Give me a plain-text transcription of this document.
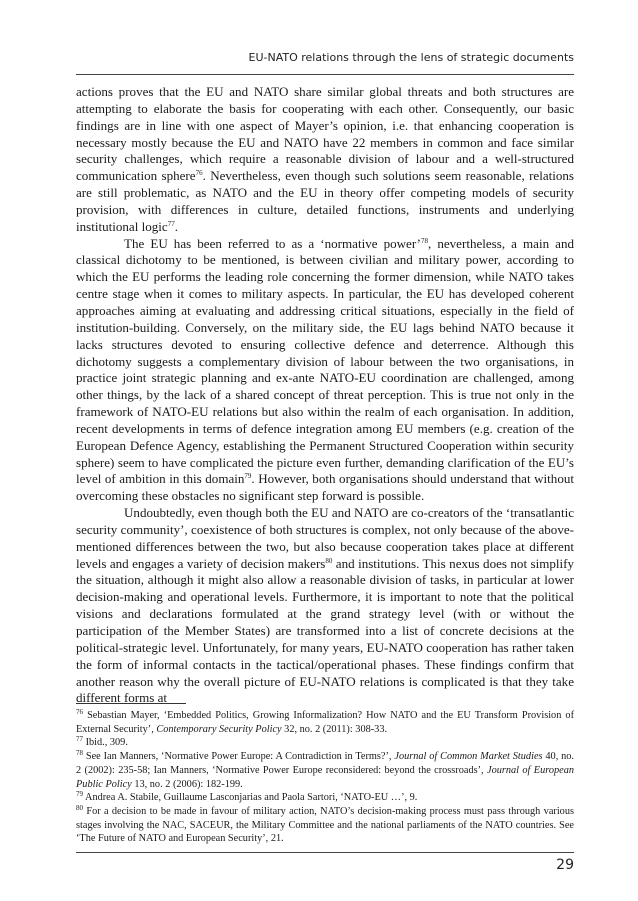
EU-NATO relations through the lens of strategic documents

actions proves that the EU and NATO share similar global threats and both structures are attempting to elaborate the basis for cooperating with each other. Consequently, our basic findings are in line with one aspect of Mayer’s opinion, i.e. that enhancing cooperation is necessary mostly because the EU and NATO have 22 members in common and face similar security challenges, which require a reasonable division of labour and a well-structured communication sphere$^{76}$. Nevertheless, even though such solutions seem reasonable, relations are still problematic, as NATO and the EU in theory offer competing models of security provision, with differences in culture, detailed functions, instruments and underlying institutional logic$^{77}$.

The EU has been referred to as a ‘normative power’$^{78}$, nevertheless, a main and classical dichotomy to be mentioned, is between civilian and military power, according to which the EU performs the leading role concerning the former dimension, while NATO takes centre stage when it comes to military aspects. In particular, the EU has developed coherent approaches aiming at evaluating and addressing critical situations, especially in the field of institution-building. Conversely, on the military side, the EU lags behind NATO because it lacks structures devoted to ensuring collective defence and deterrence. Although this dichotomy suggests a complementary division of labour between the two organisations, in practice joint strategic planning and ex-ante NATO-EU coordination are challenged, among other things, by the lack of a shared concept of threat perception. This is true not only in the framework of NATO-EU relations but also within the realm of each organisation. In addition, recent developments in terms of defence integration among EU members (e.g. creation of the European Defence Agency, establishing the Permanent Structured Cooperation within security sphere) seem to have complicated the picture even further, demanding clarification of the EU’s level of ambition in this domain$^{79}$. However, both organisations should understand that without overcoming these obstacles no significant step forward is possible.

Undoubtedly, even though both the EU and NATO are co-creators of the ‘transatlantic security community’, coexistence of both structures is complex, not only because of the above-mentioned differences between the two, but also because cooperation takes place at different levels and engages a variety of decision makers$^{80}$ and institutions. This nexus does not simplify the situation, although it might also allow a reasonable division of tasks, in particular at lower decision-making and operational levels. Furthermore, it is important to note that the political visions and declarations formulated at the grand strategy level (with or without the participation of the Member States) are transformed into a list of concrete decisions at the political-strategic level. Unfortunately, for many years, EU-NATO cooperation has rather taken the form of informal contacts in the tactical/operational phases. These findings confirm that another reason why the overall picture of EU-NATO relations is complicated is that they take different forms at

$^{76}$ Sebastian Mayer, ‘Embedded Politics, Growing Informalization? How NATO and the EU Transform Provision of External Security’, Contemporary Security Policy 32, no. 2 (2011): 308-33.

$^{77}$ Ibid., 309.

$^{78}$ See Ian Manners, ‘Normative Power Europe: A Contradiction in Terms?’, Journal of Common Market Studies 40, no. 2 (2002): 235-58; Ian Manners, ‘Normative Power Europe reconsidered: beyond the crossroads’, Journal of European Public Policy 13, no. 2 (2006): 182-199.

$^{79}$ Andrea A. Stabile, Guillaume Lasconjarias and Paola Sartori, ‘NATO-EU …’, 9.

$^{80}$ For a decision to be made in favour of military action, NATO’s decision-making process must pass through various stages involving the NAC, SACEUR, the Military Committee and the national parliaments of the NATO countries. See ‘The Future of NATO and European Security’, 21.

29
